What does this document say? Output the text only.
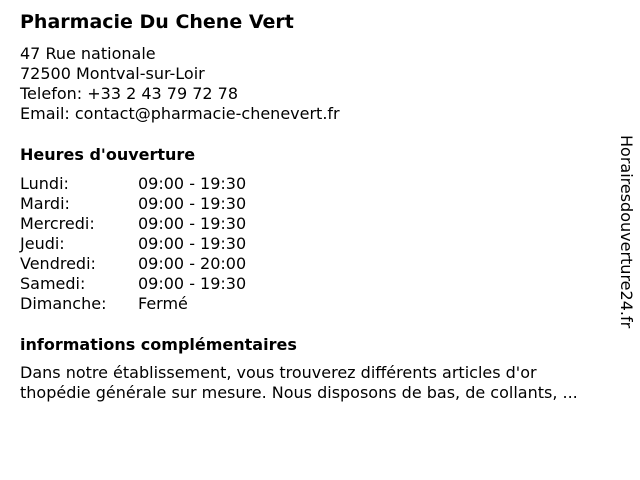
Pharmacie Du Chene Vert
47 Rue nationale
72500 Montval-sur-Loir
Telefon: +33 2 43 79 72 78
Email: contact@pharmacie-chenevert.fr
Heures d'ouverture
Lundi:	09:00 - 19:30
Mardi:	09:00 - 19:30
Mercredi:	09:00 - 19:30
Jeudi:	09:00 - 19:30
Vendredi:	09:00 - 20:00
Samedi:	09:00 - 19:30
Dimanche:	Fermé
informations complémentaires
Dans notre établissement, vous trouverez différents articles d'or
thopédie générale sur mesure. Nous disposons de bas, de collants, ...
Horairesdouverture24.fr
